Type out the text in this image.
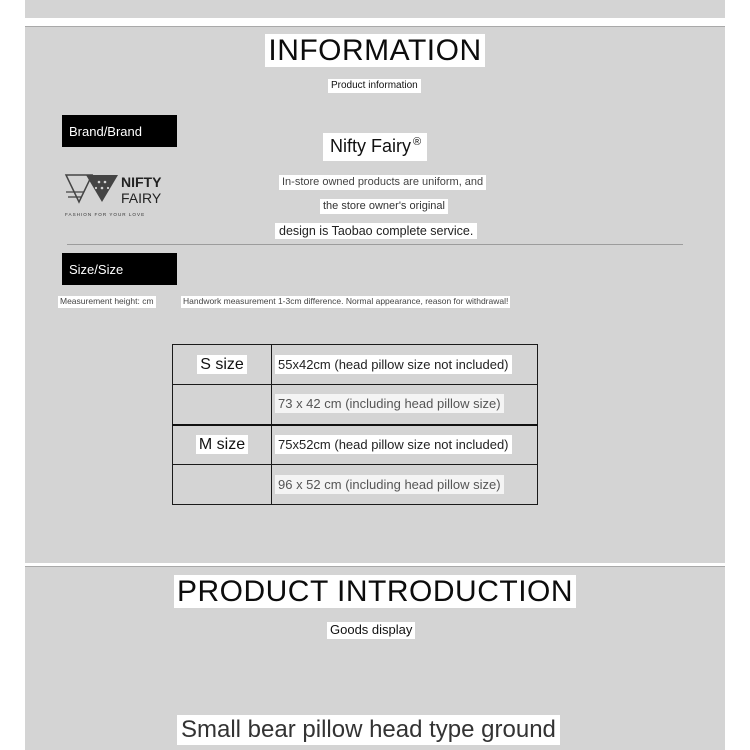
INFORMATION
Product information
Brand/Brand
Nifty Fairy ®
NIFTY
FAIRY
FASHION FOR YOUR LOVE
In-store owned products are uniform, and
the store owner's original
design is Taobao complete service.
Size/Size
Measurement height: cm	Handwork measurement 1-3cm difference. Normal appearance, reason for withdrawal!
S size	55x42cm (head pillow size not included)
	73 x 42 cm (including head pillow size)
M size	75x52cm (head pillow size not included)
	96 x 52 cm (including head pillow size)
PRODUCT INTRODUCTION
Goods display
Small bear pillow head type ground
